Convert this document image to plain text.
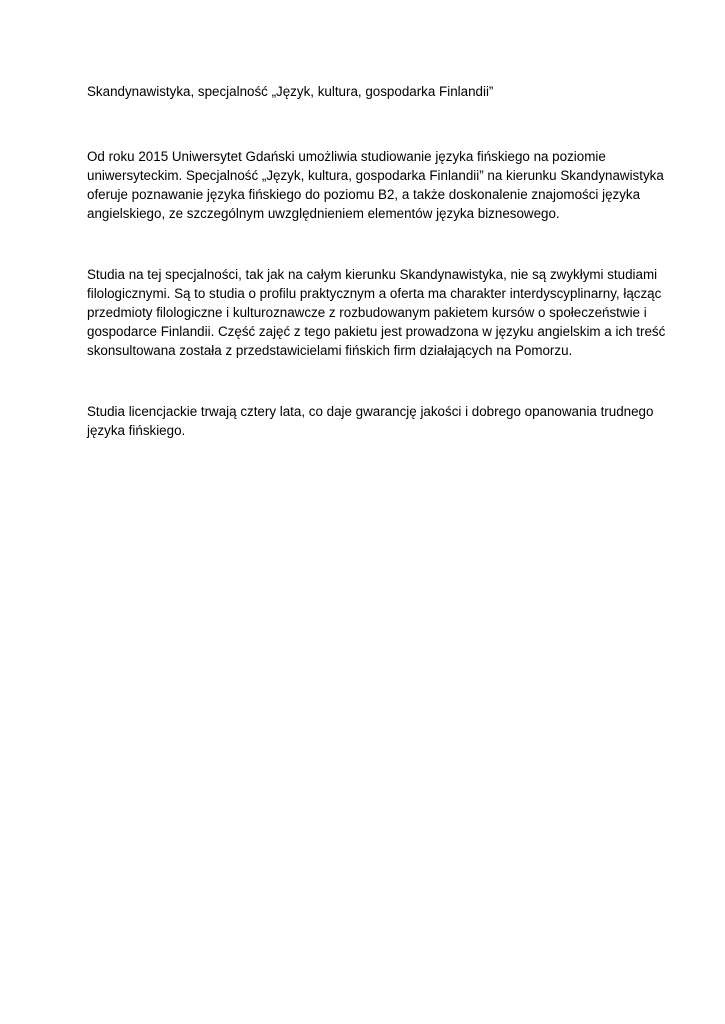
Skandynawistyka, specjalność „Język, kultura, gospodarka Finlandii”

Od roku 2015 Uniwersytet Gdański umożliwia studiowanie języka fińskiego na poziomie
uniwersyteckim. Specjalność „Język, kultura, gospodarka Finlandii” na kierunku Skandynawistyka
oferuje poznawanie języka fińskiego do poziomu B2, a także doskonalenie znajomości języka
angielskiego, ze szczególnym uwzględnieniem elementów języka biznesowego.

Studia na tej specjalności, tak jak na całym kierunku Skandynawistyka, nie są zwykłymi studiami
filologicznymi. Są to studia o profilu praktycznym a oferta ma charakter interdyscyplinarny, łącząc
przedmioty filologiczne i kulturoznawcze z rozbudowanym pakietem kursów o społeczeństwie i
gospodarce Finlandii. Część zajęć z tego pakietu jest prowadzona w języku angielskim a ich treść
skonsultowana została z przedstawicielami fińskich firm działających na Pomorzu.

Studia licencjackie trwają cztery lata, co daje gwarancję jakości i dobrego opanowania trudnego
języka fińskiego.
